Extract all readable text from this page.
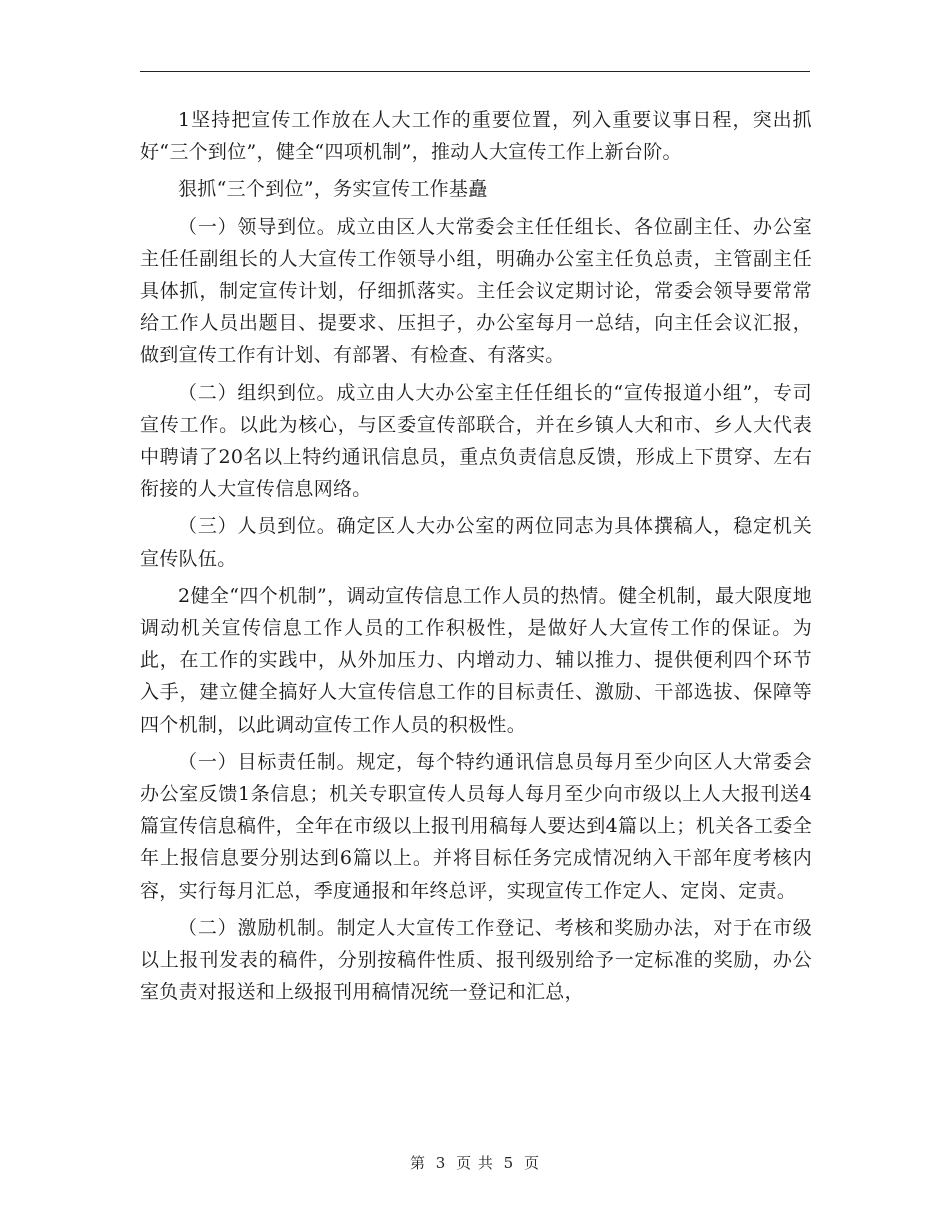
1坚持把宣传工作放在人大工作的重要位置，列入重要议事日程，突出抓好“三个到位”，健全“四项机制”，推动人大宣传工作上新台阶。

狠抓“三个到位”，务实宣传工作基矗

（一）领导到位。成立由区人大常委会主任任组长、各位副主任、办公室主任任副组长的人大宣传工作领导小组，明确办公室主任负总责，主管副主任具体抓，制定宣传计划，仔细抓落实。主任会议定期讨论，常委会领导要常常给工作人员出题目、提要求、压担子，办公室每月一总结，向主任会议汇报，做到宣传工作有计划、有部署、有检查、有落实。

（二）组织到位。成立由人大办公室主任任组长的“宣传报道小组”，专司宣传工作。以此为核心，与区委宣传部联合，并在乡镇人大和市、乡人大代表中聘请了20名以上特约通讯信息员，重点负责信息反馈，形成上下贯穿、左右衔接的人大宣传信息网络。

（三）人员到位。确定区人大办公室的两位同志为具体撰稿人，稳定机关宣传队伍。

2健全“四个机制”，调动宣传信息工作人员的热情。健全机制，最大限度地调动机关宣传信息工作人员的工作积极性，是做好人大宣传工作的保证。为此，在工作的实践中，从外加压力、内增动力、辅以推力、提供便利四个环节入手，建立健全搞好人大宣传信息工作的目标责任、激励、干部选拔、保障等四个机制，以此调动宣传工作人员的积极性。

（一）目标责任制。规定，每个特约通讯信息员每月至少向区人大常委会办公室反馈1条信息；机关专职宣传人员每人每月至少向市级以上人大报刊送4篇宣传信息稿件，全年在市级以上报刊用稿每人要达到4篇以上；机关各工委全年上报信息要分别达到6篇以上。并将目标任务完成情况纳入干部年度考核内容，实行每月汇总，季度通报和年终总评，实现宣传工作定人、定岗、定责。

（二）激励机制。制定人大宣传工作登记、考核和奖励办法，对于在市级以上报刊发表的稿件，分别按稿件性质、报刊级别给予一定标准的奖励，办公室负责对报送和上级报刊用稿情况统一登记和汇总，

第 3 页 共 5 页
